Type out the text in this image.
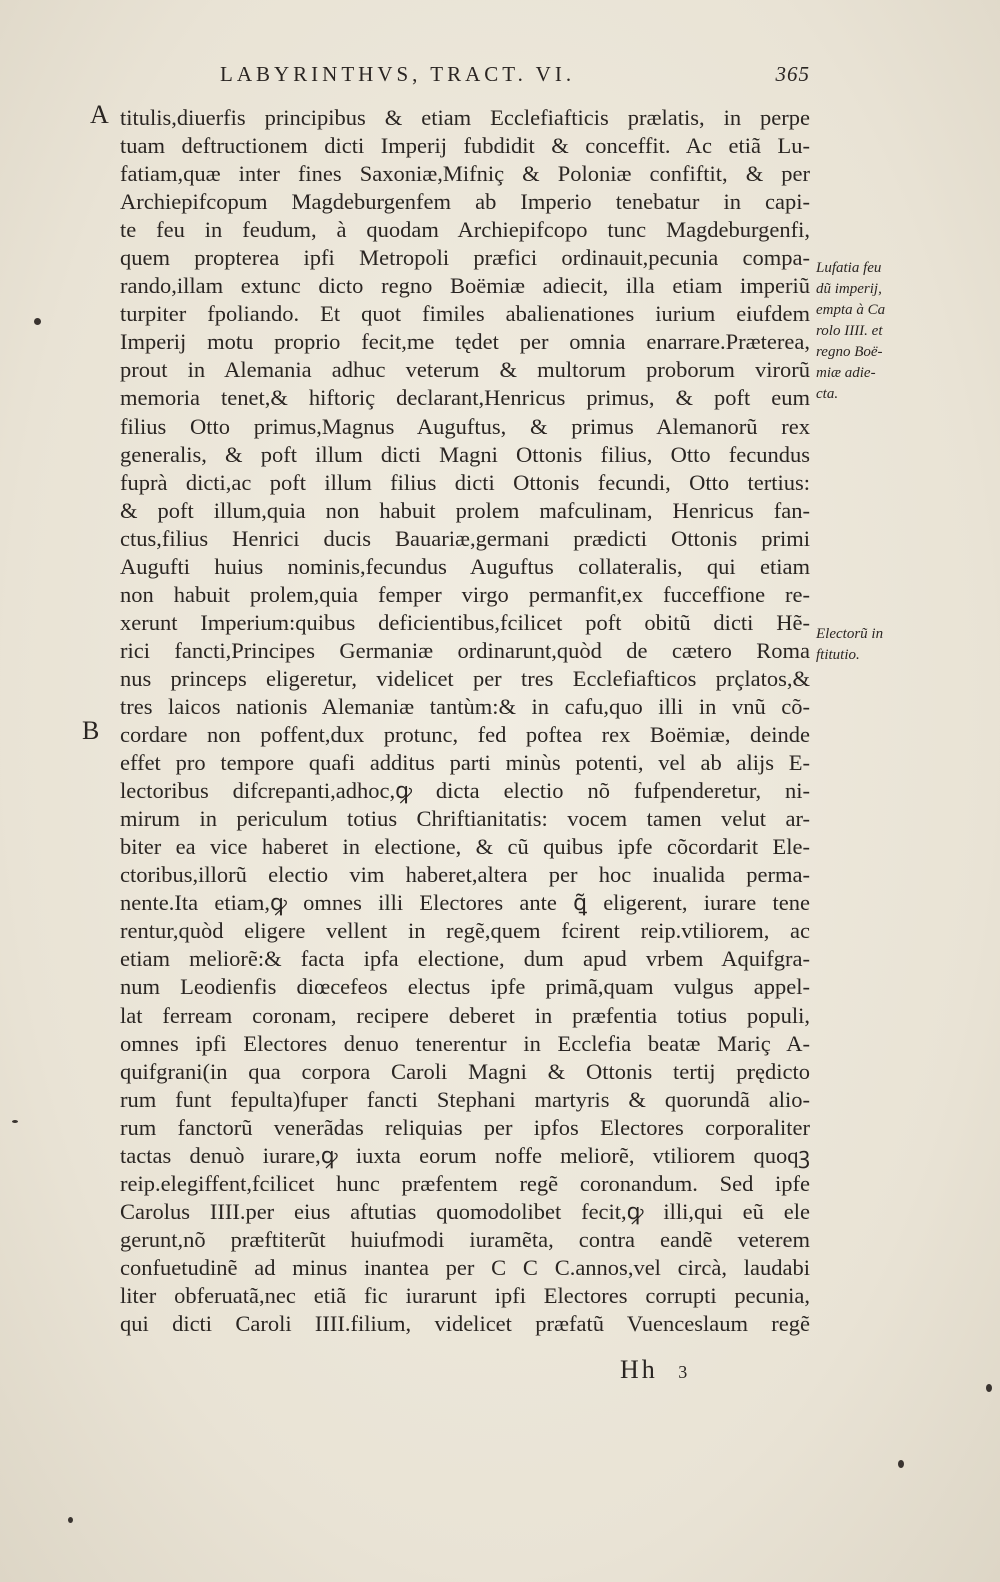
LABYRINTHVS, TRACT. VI.	365
A
B
titulis,diuerfis principibus & etiam Ecclefiafticis prælatis, in perpe
tuam deftructionem dicti Imperij fubdidit & conceffit. Ac etiã Lu-
fatiam,quæ inter fines Saxoniæ,Mifniç & Poloniæ confiftit, & per
Archiepifcopum Magdeburgenfem ab Imperio tenebatur in capi-
te feu in feudum, à quodam Archiepifcopo tunc Magdeburgenfi,
quem propterea ipfi Metropoli præfici ordinauit,pecunia compa-
rando,illam extunc dicto regno Boëmiæ adiecit, illa etiam imperiũ
turpiter fpoliando. Et quot fimiles abalienationes iurium eiufdem
Imperij motu proprio fecit,me tędet per omnia enarrare.Præterea,
prout in Alemania adhuc veterum & multorum proborum virorũ
memoria tenet,& hiftoriç declarant,Henricus primus, & poft eum
filius Otto primus,Magnus Auguftus, & primus Alemanorũ rex
generalis, & poft illum dicti Magni Ottonis filius, Otto fecundus
fuprà dicti,ac poft illum filius dicti Ottonis fecundi, Otto tertius:
& poft illum,quia non habuit prolem mafculinam, Henricus fan-
ctus,filius Henrici ducis Bauariæ,germani prædicti Ottonis primi
Augufti huius nominis,fecundus Auguftus collateralis, qui etiam
non habuit prolem,quia femper virgo permanfit,ex fucceffione re-
xerunt Imperium:quibus deficientibus,fcilicet poft obitũ dicti Hẽ-
rici fancti,Principes Germaniæ ordinarunt,quòd de cætero Roma
nus princeps eligeretur, videlicet per tres Ecclefiafticos prçlatos,&
tres laicos nationis Alemaniæ tantùm:& in cafu,quo illi in vnũ cõ-
cordare non poffent,dux protunc, fed poftea rex Boëmiæ, deinde
effet pro tempore quafi additus parti minùs potenti, vel ab alijs E-
lectoribus difcrepanti,adhoc,ꝙ dicta electio nõ fufpenderetur, ni-
mirum in periculum totius Chriftianitatis: vocem tamen velut ar-
biter ea vice haberet in electione, & cũ quibus ipfe cõcordarit Ele-
ctoribus,illorũ electio vim haberet,altera per hoc inualida perma-
nente.Ita etiam,ꝙ omnes illi Electores ante ꝗ̃ eligerent, iurare tene
rentur,quòd eligere vellent in regẽ,quem fcirent reip.vtiliorem, ac
etiam meliorẽ:& facta ipfa electione, dum apud vrbem Aquifgra-
num Leodienfis diœcefeos electus ipfe primã,quam vulgus appel-
lat ferream coronam, recipere deberet in præfentia totius populi,
omnes ipfi Electores denuo tenerentur in Ecclefia beatæ Mariç A-
quifgrani(in qua corpora Caroli Magni & Ottonis tertij prędicto
rum funt fepulta)fuper fancti Stephani martyris & quorundã alio-
rum fanctorũ venerãdas reliquias per ipfos Electores corporaliter
tactas denuò iurare,ꝙ iuxta eorum noffe meliorẽ, vtiliorem quoqꝫ
reip.elegiffent,fcilicet hunc præfentem regẽ coronandum. Sed ipfe
Carolus IIII.per eius aftutias quomodolibet fecit,ꝙ illi,qui eũ ele
gerunt,nõ præftiterũt huiufmodi iuramẽta, contra eandẽ veterem
confuetudinẽ ad minus inantea per C C C.annos,vel circà, laudabi
liter obferuatã,nec etiã fic iurarunt ipfi Electores corrupti pecunia,
qui dicti Caroli IIII.filium, videlicet præfatũ Vuenceslaum regẽ
Lufatia feu
dũ imperij,
empta à Ca
rolo IIII. et
regno Boë-
miæ adie-
cta.
Electorũ in
ftitutio.
Hh 3
